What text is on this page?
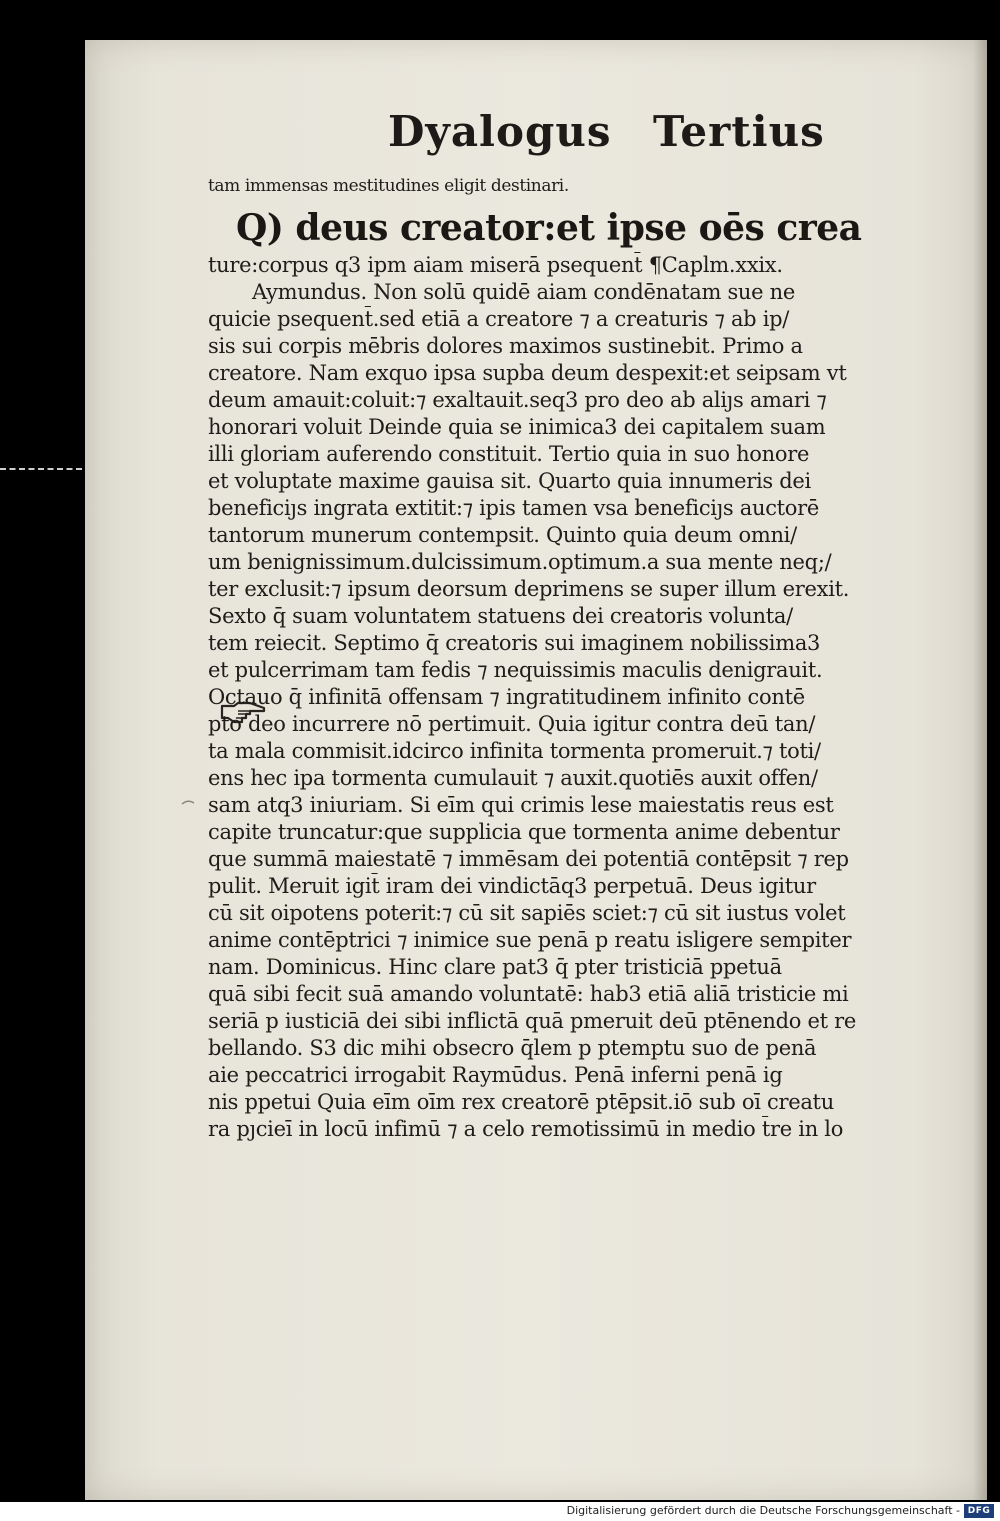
Dyalogus Tertius
tam immensas mestitudines eligit destinari.
Q) deus creator:et ipse oēs crea
ture:corpus q3 ipm aiam miserā psequent̄ ¶Caplm.xxix.
Aymundus. Non solū quidē aiam condēnatam sue ne
quicie psequent̄.sed etiā a creatore ⁊ a creaturis ⁊ ab ip/
sis sui corpis mēbris dolores maximos sustinebit. Primo a
creatore. Nam exquo ipsa supba deum despexit:et seipsam vt
deum amauit:coluit:⁊ exaltauit.seq3 pro deo ab aliȷs amari ⁊
honorari voluit Deinde quia se inimica3 dei capitalem suam
illi gloriam auferendo constituit. Tertio quia in suo honore
et voluptate maxime gauisa sit. Quarto quia innumeris dei
beneficiȷs ingrata extitit:⁊ ipis tamen vsa beneficiȷs auctorē
tantorum munerum contempsit. Quinto quia deum omni/
um benignissimum.dulcissimum.optimum.a sua mente neq;/
ter exclusit:⁊ ipsum deorsum deprimens se super illum erexit.
Sexto q̄ suam voluntatem statuens dei creatoris volunta/
tem reiecit. Septimo q̄ creatoris sui imaginem nobilissima3
et pulcerrimam tam fedis ⁊ nequissimis maculis denigrauit.
Octauo q̄ infinitā offensam ⁊ ingratitudinem infinito contē
pto deo incurrere nō pertimuit. Quia igitur contra deū tan/
ta mala commisit.idcirco infinita tormenta promeruit.⁊ toti/
ens hec ipa tormenta cumulauit ⁊ auxit.quotiēs auxit offen/
sam atq3 iniuriam. Si eīm qui crimis lese maiestatis reus est
capite truncatur:que supplicia que tormenta anime debentur
que summā maiestatē ⁊ immēsam dei potentiā contēpsit ⁊ rep
pulit. Meruit igit̄ iram dei vindictāq3 perpetuā. Deus igitur
cū sit oipotens poterit:⁊ cū sit sapiēs sciet:⁊ cū sit iustus volet
anime contēptrici ⁊ inimice sue penā p reatu isligere sempiter
nam. Dominicus. Hinc clare pat3 q̄ pter tristiciā ppetuā
quā sibi fecit suā amando voluntatē: hab3 etiā aliā tristicie mi
seriā p iusticiā dei sibi inflictā quā pmeruit deū ptēnendo et re
bellando. S3 dic mihi obsecro q̄lem p ptemptu suo de penā
aie peccatrici irrogabit Raymūdus. Penā inferni penā ig
nis ppetui Quia eīm oīm rex creatorē ptēpsit.iō sub oī creatu
ra pȷcieī in locū infimū ⁊ a celo remotissimū in medio t̄re in lo
Digitalisierung gefördert durch die Deutsche Forschungsgemeinschaft - DFG
